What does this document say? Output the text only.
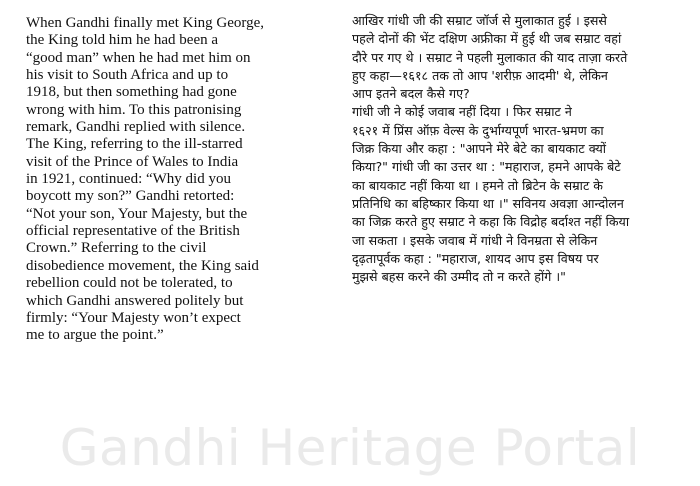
When Gandhi finally met King George,
the King told him he had been a
“good man” when he had met him on
his visit to South Africa and up to
1918, but then something had gone
wrong with him. To this patronising
remark, Gandhi replied with silence.
The King, referring to the ill-starred
visit of the Prince of Wales to India
in 1921, continued: “Why did you
boycott my son?” Gandhi retorted:
“Not your son, Your Majesty, but the
official representative of the British
Crown.” Referring to the civil
disobedience movement, the King said
rebellion could not be tolerated, to
which Gandhi answered politely but
firmly: “Your Majesty won’t expect
me to argue the point.”
आखिर गांधी जी की सम्राट जॉर्ज से मुलाकात हुई । इससे
पहले दोनों की भेंट दक्षिण अफ्रीका में हुई थी जब सम्राट वहां
दौरे पर गए थे । सम्राट ने पहली मुलाकात की याद ताज़ा करते
हुए कहा—१६१८ तक तो आप 'शरीफ़ आदमी' थे, लेकिन
आप इतने बदल कैसे गए?
गांधी जी ने कोई जवाब नहीं दिया । फिर सम्राट ने
१६२१ में प्रिंस ऑफ़ वेल्स के दुर्भाग्यपूर्ण भारत-भ्रमण का
जिक्र किया और कहा : "आपने मेरे बेटे का बायकाट क्यों
किया?" गांधी जी का उत्तर था : "महाराज, हमने आपके बेटे
का बायकाट नहीं किया था । हमने तो ब्रिटेन के सम्राट के
प्रतिनिधि का बहिष्कार किया था ।" सविनय अवज्ञा आन्दोलन
का जिक्र करते हुए सम्राट ने कहा कि विद्रोह बर्दाश्त नहीं किया
जा सकता । इसके जवाब में गांधी ने विनम्रता से लेकिन
दृढ़तापूर्वक कहा : "महाराज, शायद आप इस विषय पर
मुझसे बहस करने की उम्मीद तो न करते होंगे ।"
Gandhi Heritage Portal
